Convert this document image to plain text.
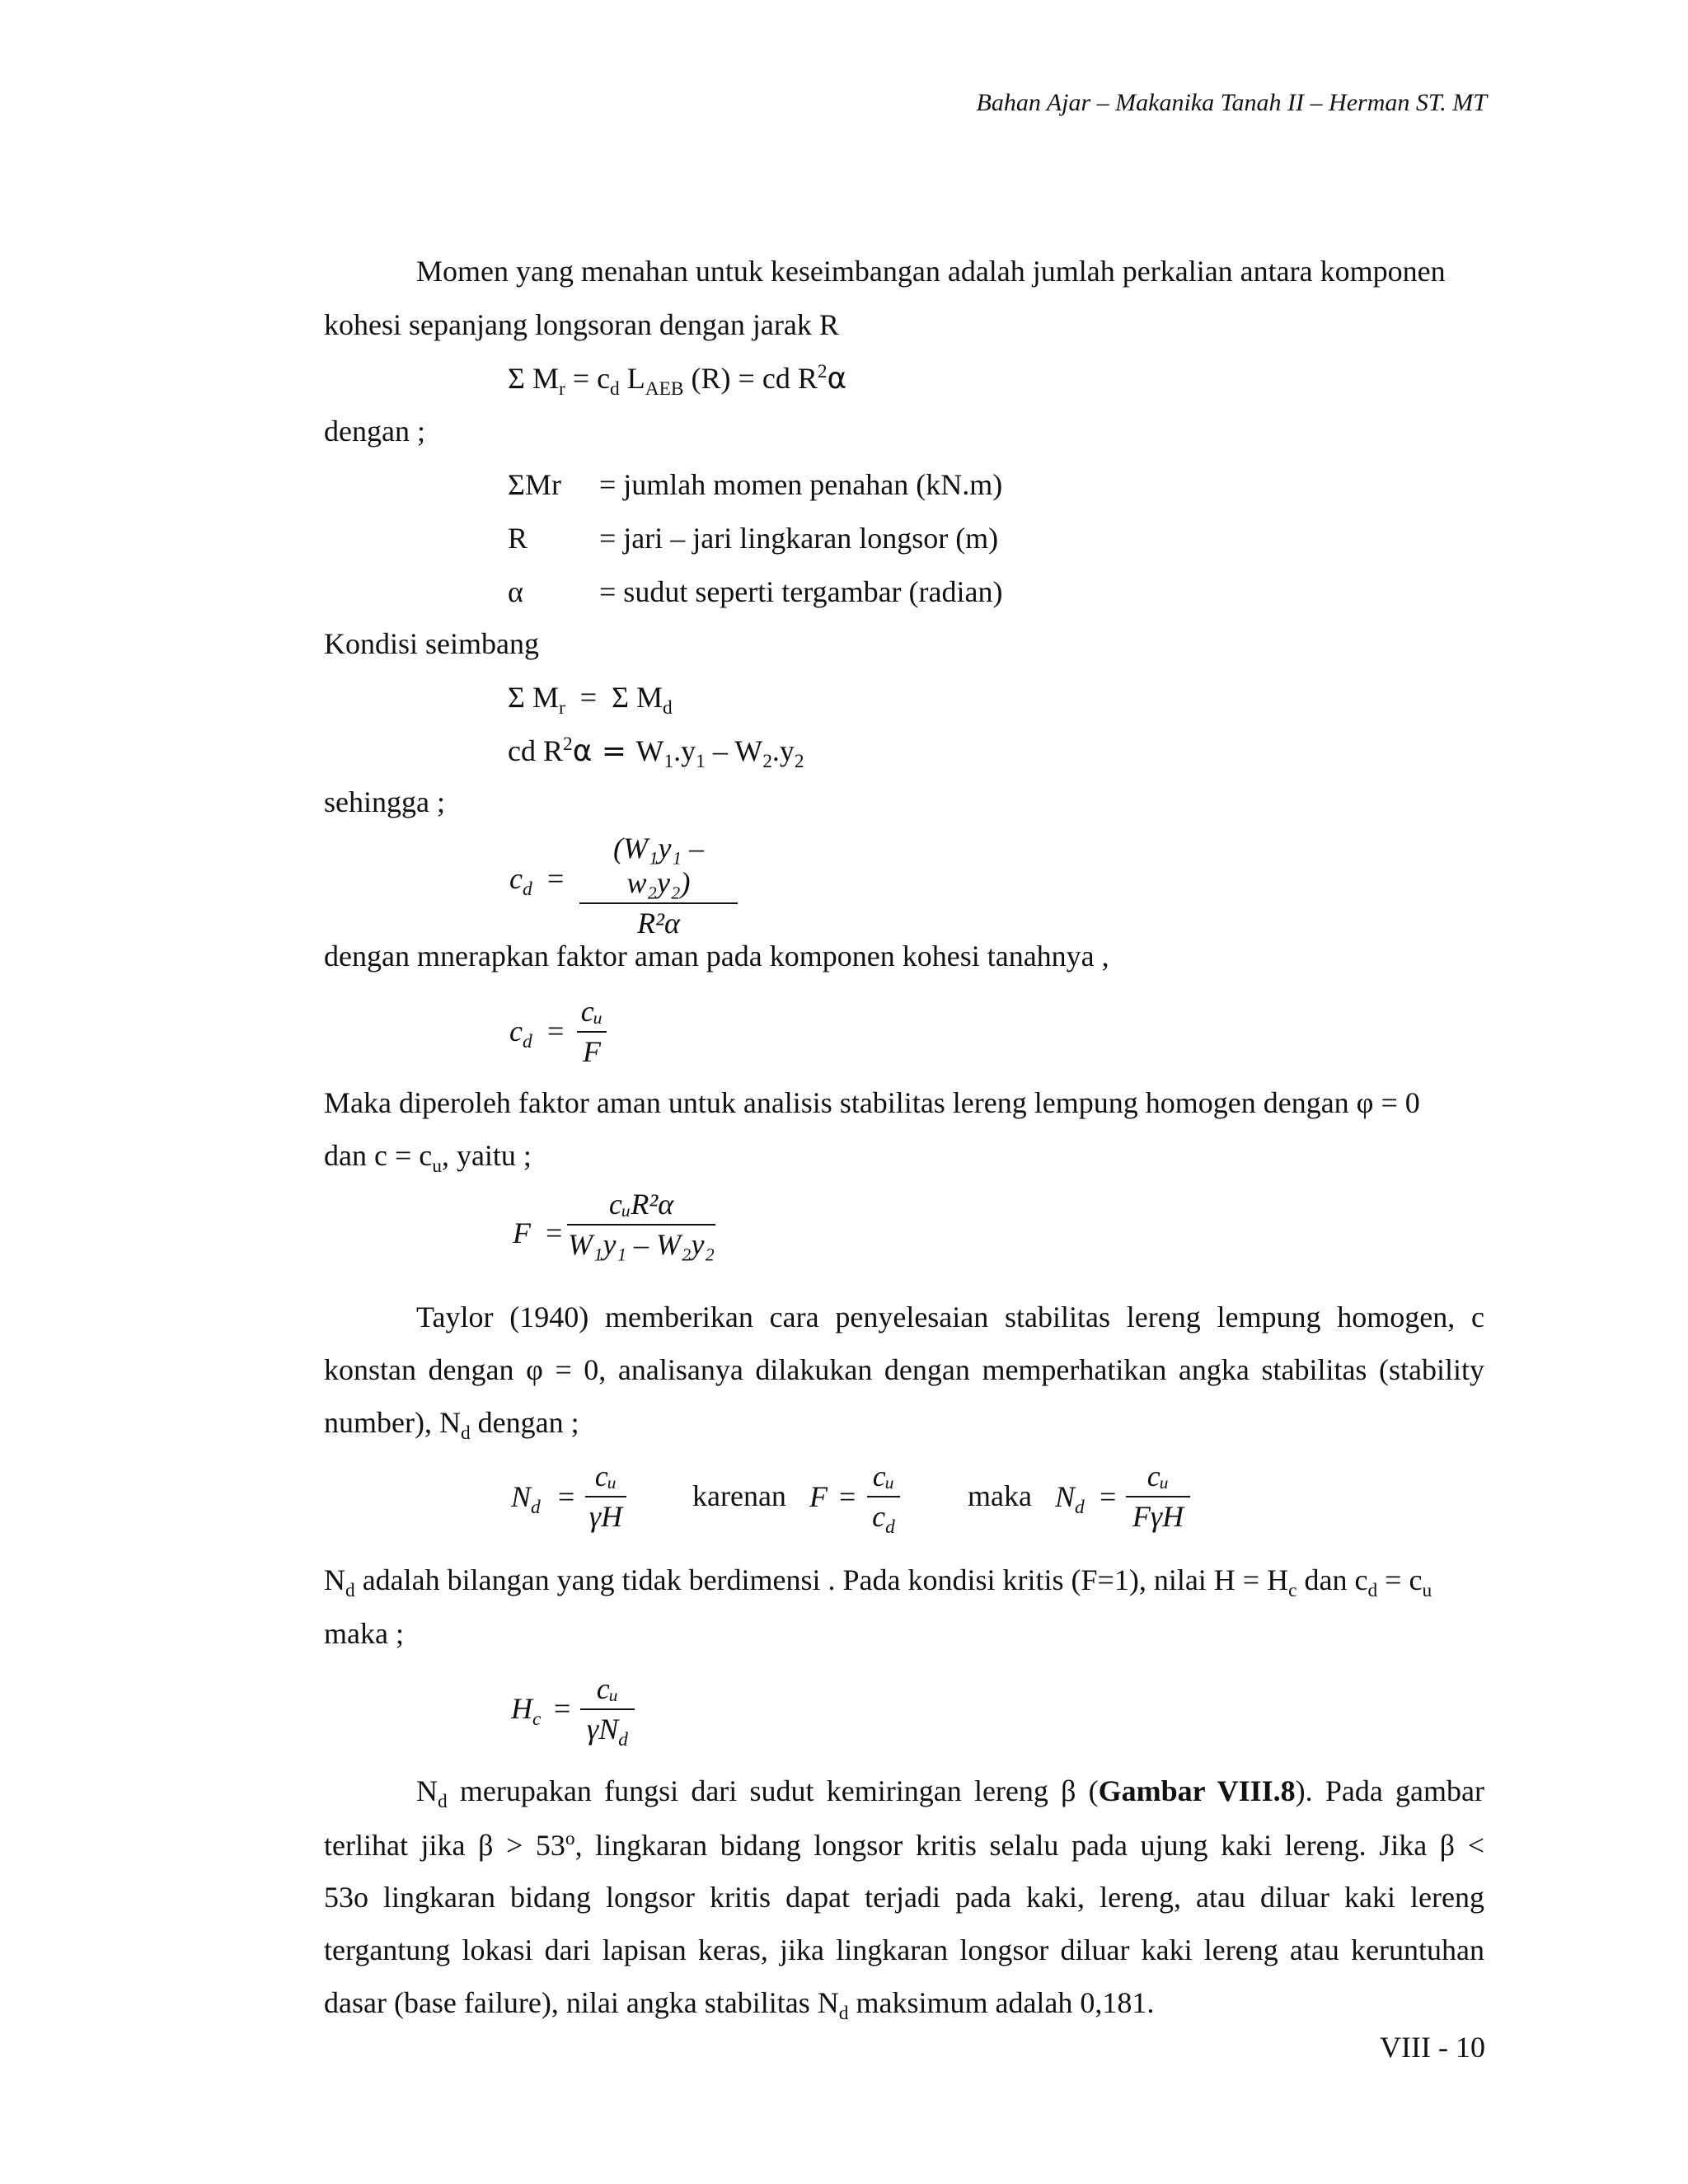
Bahan Ajar – Makanika Tanah II – Herman ST. MT
Momen yang menahan untuk keseimbangan adalah jumlah perkalian antara komponen
kohesi sepanjang longsoran dengan jarak R
Σ $M_r = c_d$ $L_{AEB}$ (R) = cd $R^2\alpha$
dengan ;
ΣMr = jumlah momen penahan (kN.m)
R = jari – jari lingkaran longsor (m)
α	= sudut seperti tergambar (radian)
Kondisi seimbang
Σ $M_r = \Sigma$ $M_d$
cd $R^2\alpha = W_1.y_1 - W_2.y_2$
sehingga ;
$c_d$ =
(W₁y₁ – w₂y₂)
R²α
dengan mnerapkan faktor aman pada komponen kohesi tanahnya ,
$c_d$ =
cᵤ
F
Maka diperoleh faktor aman untuk analisis stabilitas lereng lempung homogen dengan φ = 0
dan $c = c_u$, yaitu ;
F =
cᵤR²α
W₁y₁ – W₂y₂
Taylor (1940) memberikan cara penyelesaian stabilitas lereng lempung homogen, c
konstan dengan φ = 0, analisanya dilakukan dengan memperhatikan angka stabilitas (stability
number), $N_d$ dengan ;
$N_d$ =
cᵤ
γH
karenan F =
cᵤ
$c_d$
maka $N_d$ =
cᵤ
FγH
$N_d$ adalah bilangan yang tidak berdimensi . Pada kondisi kritis (F=1), nilai $H = H_c$ dan $c_d = c_u$
maka ;
$H_c$ =
cᵤ
$\gamma N_d$
$N_d$ merupakan fungsi dari sudut kemiringan lereng β (Gambar VIII.8). Pada gambar
terlihat jika $\beta > 53^o$, lingkaran bidang longsor kritis selalu pada ujung kaki lereng. Jika β <
53o lingkaran bidang longsor kritis dapat terjadi pada kaki, lereng, atau diluar kaki lereng
tergantung lokasi dari lapisan keras, jika lingkaran longsor diluar kaki lereng atau keruntuhan
dasar (base failure), nilai angka stabilitas $N_d$ maksimum adalah 0,181.
VIII - 10
